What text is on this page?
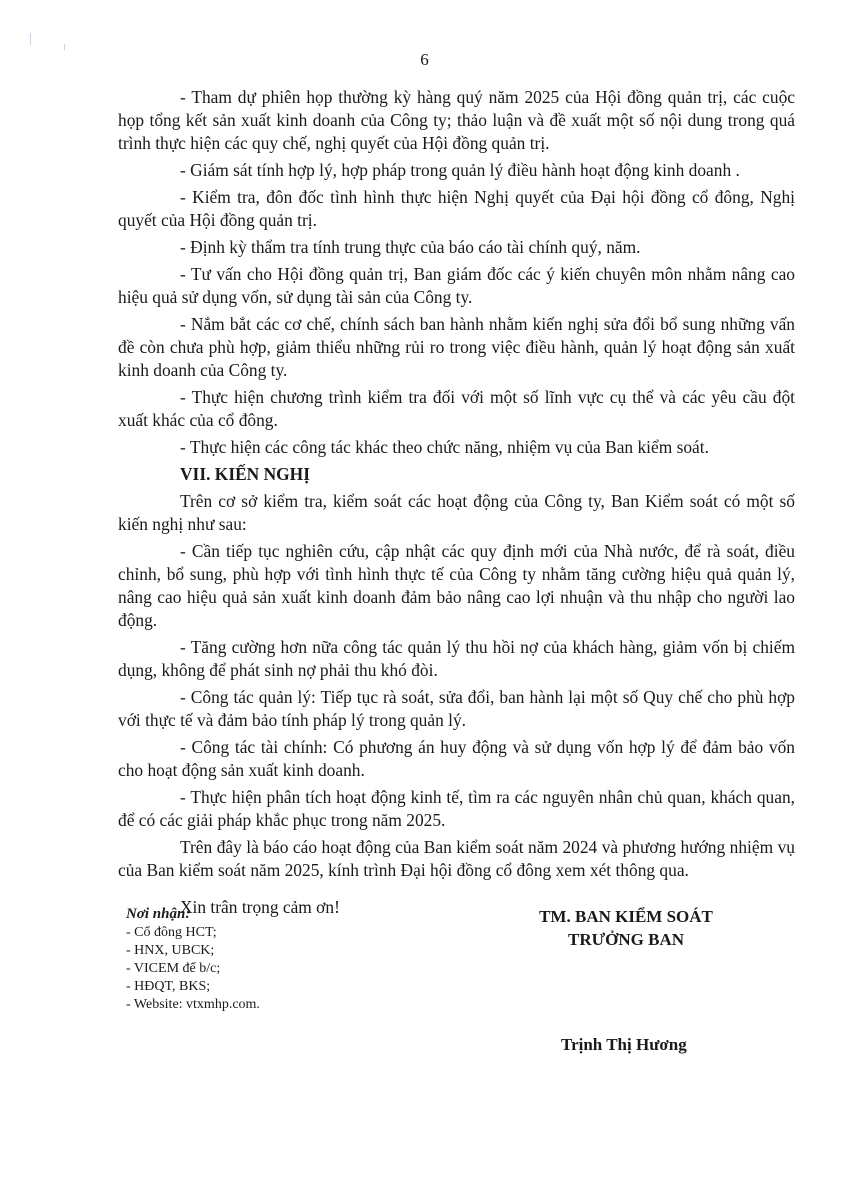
6

- Tham dự phiên họp thường kỳ hàng quý năm 2025 của Hội đồng quản trị, các cuộc họp tổng kết sản xuất kinh doanh của Công ty; thảo luận và đề xuất một số nội dung trong quá trình thực hiện các quy chế, nghị quyết của Hội đồng quản trị.

- Giám sát tính hợp lý, hợp pháp trong quản lý điều hành hoạt động kinh doanh .

- Kiểm tra, đôn đốc tình hình thực hiện Nghị quyết của Đại hội đồng cổ đông, Nghị quyết của Hội đồng quản trị.

- Định kỳ thẩm tra tính trung thực của báo cáo tài chính quý, năm.

- Tư vấn cho Hội đồng quản trị, Ban giám đốc các ý kiến chuyên môn nhằm nâng cao hiệu quả sử dụng vốn, sử dụng tài sản của Công ty.

- Nắm bắt các cơ chế, chính sách ban hành nhằm kiến nghị sửa đổi bổ sung những vấn đề còn chưa phù hợp, giảm thiểu những rủi ro trong việc điều hành, quản lý hoạt động sản xuất kinh doanh của Công ty.

- Thực hiện chương trình kiểm tra đối với một số lĩnh vực cụ thể và các yêu cầu đột xuất khác của cổ đông.

- Thực hiện các công tác khác theo chức năng, nhiệm vụ của Ban kiểm soát.

VII. KIẾN NGHỊ

Trên cơ sở kiểm tra, kiểm soát các hoạt động của Công ty, Ban Kiểm soát có một số kiến nghị như sau:

- Cần tiếp tục nghiên cứu, cập nhật các quy định mới của Nhà nước, để rà soát, điều chỉnh, bổ sung, phù hợp với tình hình thực tế của Công ty nhằm tăng cường hiệu quả quản lý, nâng cao hiệu quả sản xuất kinh doanh đảm bảo nâng cao lợi nhuận và thu nhập cho người lao động.

- Tăng cường hơn nữa công tác quản lý thu hồi nợ của khách hàng, giảm vốn bị chiếm dụng, không để phát sinh nợ phải thu khó đòi.

- Công tác quản lý: Tiếp tục rà soát, sửa đổi, ban hành lại một số Quy chế cho phù hợp với thực tế và đảm bảo tính pháp lý trong quản lý.

- Công tác tài chính: Có phương án huy động và sử dụng vốn hợp lý để đảm bảo vốn cho hoạt động sản xuất kinh doanh.

- Thực hiện phân tích hoạt động kinh tế, tìm ra các nguyên nhân chủ quan, khách quan, để có các giải pháp khắc phục trong năm 2025.

Trên đây là báo cáo hoạt động của Ban kiểm soát năm 2024 và phương hướng nhiệm vụ của Ban kiểm soát năm 2025, kính trình Đại hội đồng cổ đông xem xét thông qua.

Xin trân trọng cảm ơn!

Nơi nhận:
- Cổ đông HCT;
- HNX, UBCK;
- VICEM để b/c;
- HĐQT, BKS;
- Website: vtxmhp.com.
TM. BAN KIỂM SOÁT
TRƯỞNG BAN
Trịnh Thị Hương
